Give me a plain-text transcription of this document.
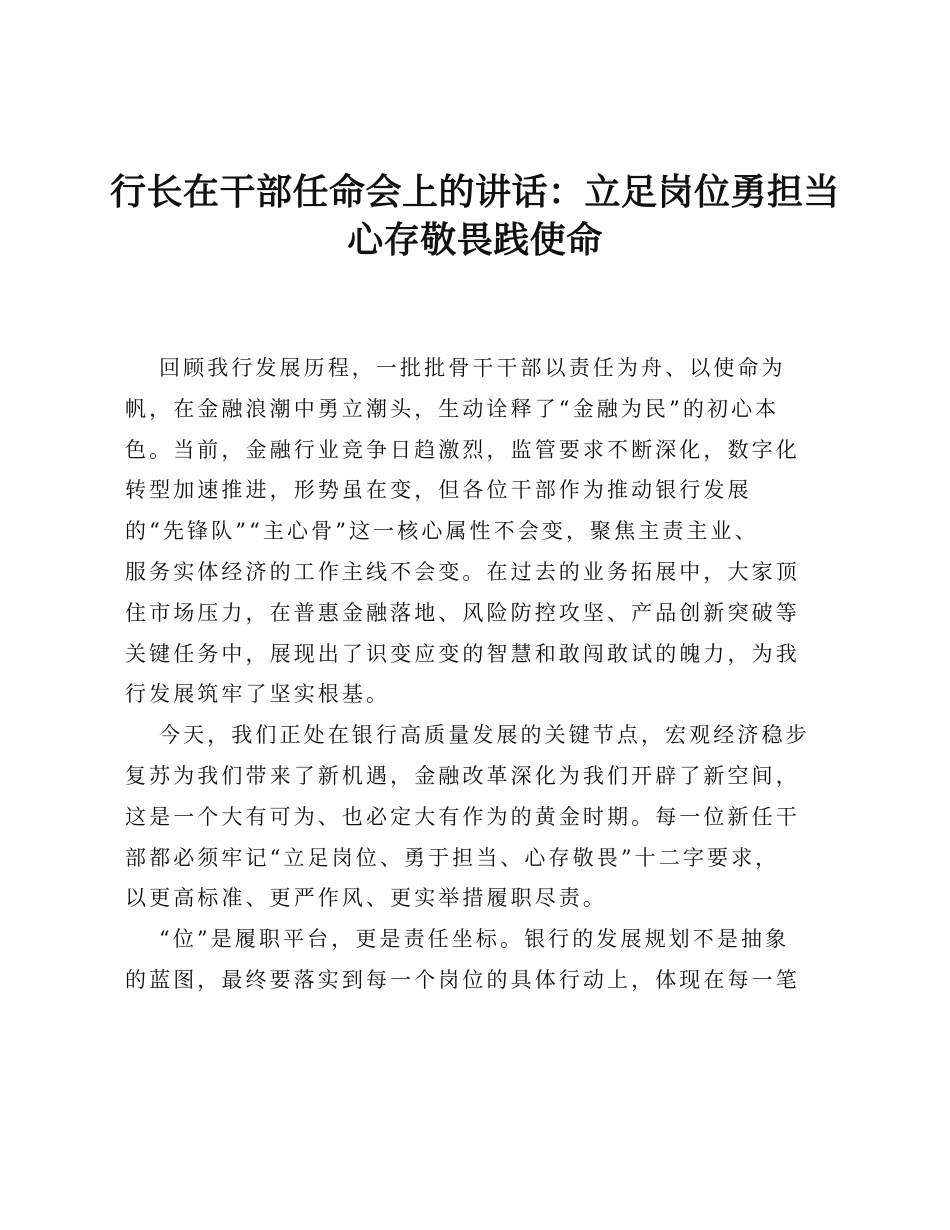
行长在干部任命会上的讲话：立足岗位勇担当
心存敬畏践使命
回顾我行发展历程，一批批骨干干部以责任为舟、以使命为
帆，在金融浪潮中勇立潮头，生动诠释了“金融为民”的初心本
色。当前，金融行业竞争日趋激烈，监管要求不断深化，数字化
转型加速推进，形势虽在变，但各位干部作为推动银行发展
的“先锋队”“主心骨”这一核心属性不会变，聚焦主责主业、
服务实体经济的工作主线不会变。在过去的业务拓展中，大家顶
住市场压力，在普惠金融落地、风险防控攻坚、产品创新突破等
关键任务中，展现出了识变应变的智慧和敢闯敢试的魄力，为我
行发展筑牢了坚实根基。
今天，我们正处在银行高质量发展的关键节点，宏观经济稳步
复苏为我们带来了新机遇，金融改革深化为我们开辟了新空间，
这是一个大有可为、也必定大有作为的黄金时期。每一位新任干
部都必须牢记“立足岗位、勇于担当、心存敬畏”十二字要求，
以更高标准、更严作风、更实举措履职尽责。
“位”是履职平台，更是责任坐标。银行的发展规划不是抽象
的蓝图，最终要落实到每一个岗位的具体行动上，体现在每一笔
